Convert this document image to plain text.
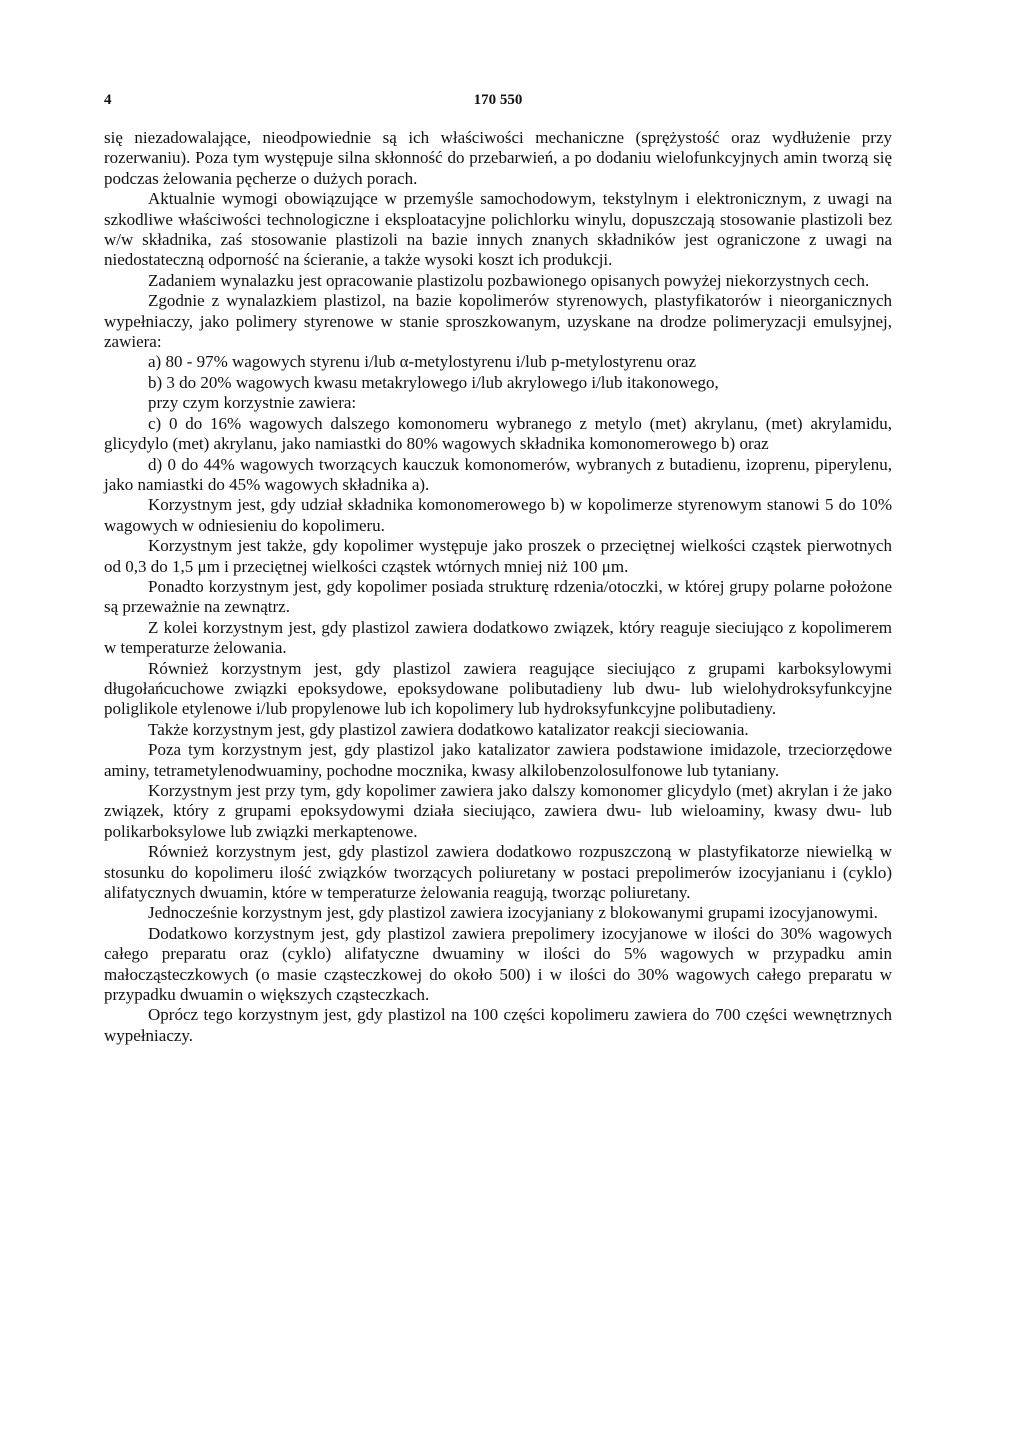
4	170 550

się niezadowalające, nieodpowiednie są ich właściwości mechaniczne (sprężystość oraz wydłużenie przy rozerwaniu). Poza tym występuje silna skłonność do przebarwień, a po dodaniu wielofunkcyjnych amin tworzą się podczas żelowania pęcherze o dużych porach.

Aktualnie wymogi obowiązujące w przemyśle samochodowym, tekstylnym i elektronicznym, z uwagi na szkodliwe właściwości technologiczne i eksploatacyjne polichlorku winylu, dopuszczają stosowanie plastizoli bez w/w składnika, zaś stosowanie plastizoli na bazie innych znanych składników jest ograniczone z uwagi na niedostateczną odporność na ścieranie, a także wysoki koszt ich produkcji.

Zadaniem wynalazku jest opracowanie plastizolu pozbawionego opisanych powyżej niekorzystnych cech.

Zgodnie z wynalazkiem plastizol, na bazie kopolimerów styrenowych, plastyfikatorów i nieorganicznych wypełniaczy, jako polimery styrenowe w stanie sproszkowanym, uzyskane na drodze polimeryzacji emulsyjnej, zawiera:

a) 80 - 97% wagowych styrenu i/lub α-metylostyrenu i/lub p-metylostyrenu oraz

b) 3 do 20% wagowych kwasu metakrylowego i/lub akrylowego i/lub itakonowego,

przy czym korzystnie zawiera:

c) 0 do 16% wagowych dalszego komonomeru wybranego z metylo (met) akrylanu, (met) akrylamidu, glicydylo (met) akrylanu, jako namiastki do 80% wagowych składnika komonomerowego b) oraz

d) 0 do 44% wagowych tworzących kauczuk komonomerów, wybranych z butadienu, izoprenu, piperylenu, jako namiastki do 45% wagowych składnika a).

Korzystnym jest, gdy udział składnika komonomerowego b) w kopolimerze styrenowym stanowi 5 do 10% wagowych w odniesieniu do kopolimeru.

Korzystnym jest także, gdy kopolimer występuje jako proszek o przeciętnej wielkości cząstek pierwotnych od 0,3 do 1,5 μm i przeciętnej wielkości cząstek wtórnych mniej niż 100 μm.

Ponadto korzystnym jest, gdy kopolimer posiada strukturę rdzenia/otoczki, w której grupy polarne położone są przeważnie na zewnątrz.

Z kolei korzystnym jest, gdy plastizol zawiera dodatkowo związek, który reaguje sieciująco z kopolimerem w temperaturze żelowania.

Również korzystnym jest, gdy plastizol zawiera reagujące sieciująco z grupami karboksylowymi długołańcuchowe związki epoksydowe, epoksydowane polibutadieny lub dwu- lub wielohydroksyfunkcyjne poliglikole etylenowe i/lub propylenowe lub ich kopolimery lub hydroksyfunkcyjne polibutadieny.

Także korzystnym jest, gdy plastizol zawiera dodatkowo katalizator reakcji sieciowania.

Poza tym korzystnym jest, gdy plastizol jako katalizator zawiera podstawione imidazole, trzeciorzędowe aminy, tetrametylenodwuaminy, pochodne mocznika, kwasy alkilobenzolosulfonowe lub tytaniany.

Korzystnym jest przy tym, gdy kopolimer zawiera jako dalszy komonomer glicydylo (met) akrylan i że jako związek, który z grupami epoksydowymi działa sieciująco, zawiera dwu- lub wieloaminy, kwasy dwu- lub polikarboksylowe lub związki merkaptenowe.

Również korzystnym jest, gdy plastizol zawiera dodatkowo rozpuszczoną w plastyfikatorze niewielką w stosunku do kopolimeru ilość związków tworzących poliuretany w postaci prepolimerów izocyjanianu i (cyklo) alifatycznych dwuamin, które w temperaturze żelowania reagują, tworząc poliuretany.

Jednocześnie korzystnym jest, gdy plastizol zawiera izocyjaniany z blokowanymi grupami izocyjanowymi.

Dodatkowo korzystnym jest, gdy plastizol zawiera prepolimery izocyjanowe w ilości do 30% wagowych całego preparatu oraz (cyklo) alifatyczne dwuaminy w ilości do 5% wagowych w przypadku amin małocząsteczkowych (o masie cząsteczkowej do około 500) i w ilości do 30% wagowych całego preparatu w przypadku dwuamin o większych cząsteczkach.

Oprócz tego korzystnym jest, gdy plastizol na 100 części kopolimeru zawiera do 700 części wewnętrznych wypełniaczy.
